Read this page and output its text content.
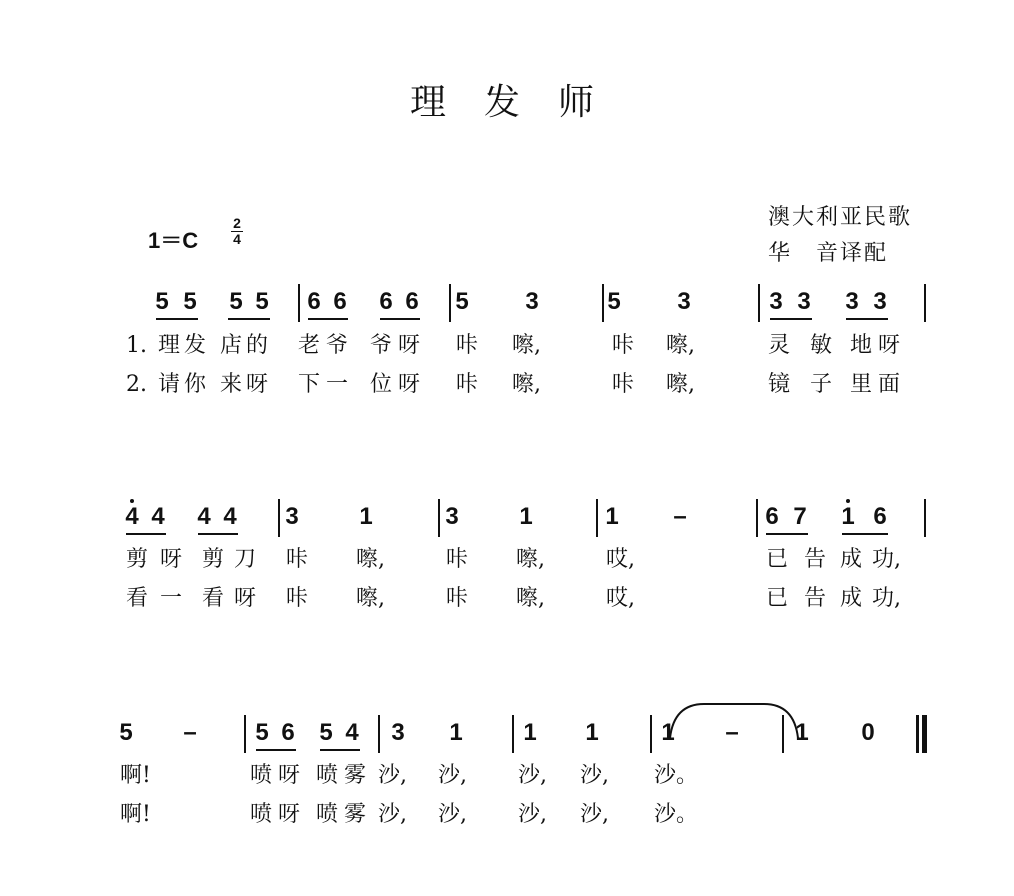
理发师
澳大利亚民歌
华　音译配
1＝C
2
4
5 5 5 5 6 6 6 6 5 3	5 3	3 3 3 3
1. 理 发 店 的 老 爷 爷 呀 咔 嚓,	咔 嚓,	灵 敏 地 呀
2. 请 你 来 呀 下 一 位 呀 咔 嚓,	咔 嚓,	镜 子 里 面
4 4 4 4 3	1	3	1	1 –	6 7 1 6
剪 呀 剪 刀 咔 嚓,	咔 嚓,	哎,	已 告 成 功,
看 一 看 呀 咔 嚓,	咔 嚓,	哎,	已 告 成 功,
5 – 5 6 5 4 3 1	1 1	1 – 1 0
啊!	喷 呀 喷 雾 沙, 沙, 沙, 沙, 沙。
啊!	喷 呀 喷 雾 沙, 沙, 沙, 沙, 沙。
